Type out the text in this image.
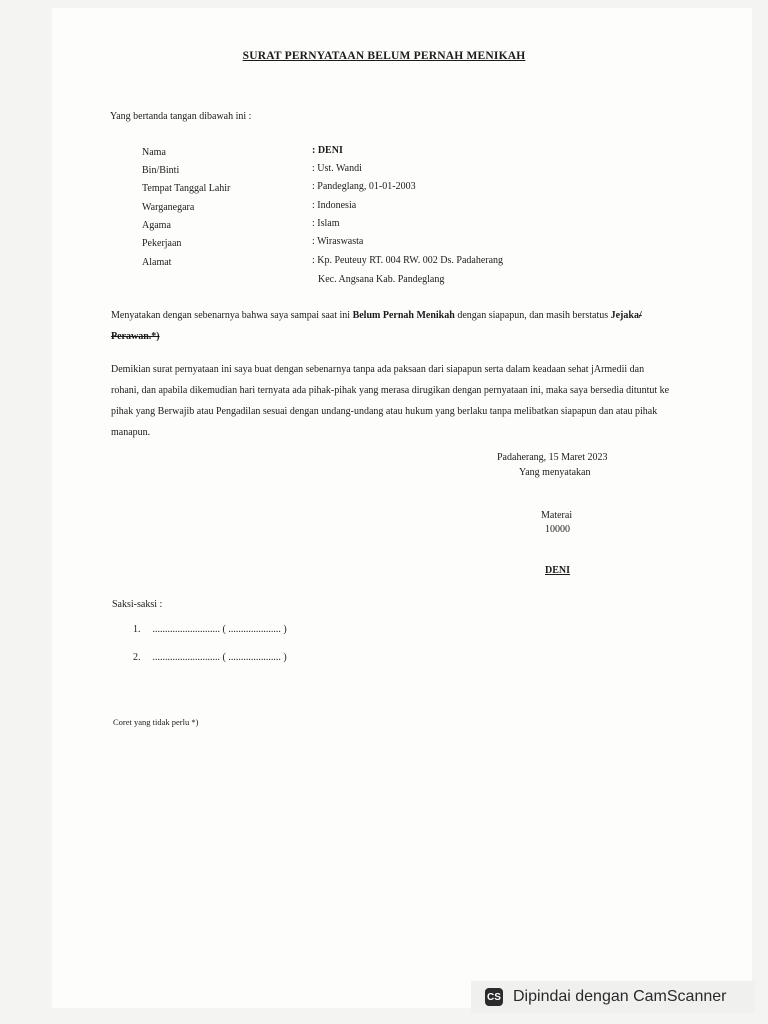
SURAT PERNYATAAN BELUM PERNAH MENIKAH
Yang bertanda tangan dibawah ini :
Nama	: DENI
Bin/Binti	: Ust. Wandi
Tempat Tanggal Lahir	: Pandeglang, 01-01-2003
Warganegara	: Indonesia
Agama	: Islam
Pekerjaan	: Wiraswasta
Alamat	: Kp. Peuteuy RT. 004 RW. 002 Ds. Padaherang
Kec. Angsana Kab. Pandeglang
Menyatakan dengan sebenarnya bahwa saya sampai saat ini Belum Pernah Menikah dengan siapapun, dan masih berstatus Jejaka/ Perawan.*)
Demikian surat pernyataan ini saya buat dengan sebenarnya tanpa ada paksaan dari siapapun serta dalam keadaan sehat jArmedii dan rohani, dan apabila dikemudian hari ternyata ada pihak-pihak yang merasa dirugikan dengan pernyataan ini, maka saya bersedia dituntut ke pihak yang Berwajib atau Pengadilan sesuai dengan undang-undang atau hukum yang berlaku tanpa melibatkan siapapun dan atau pihak manapun.
Padaherang, 15 Maret 2023
Yang menyatakan
Materai
10000
DENI
Saksi-saksi :
1. ........................... ( ..................... )
2. ........................... ( ..................... )
Coret yang tidak perlu *)
CS Dipindai dengan CamScanner
